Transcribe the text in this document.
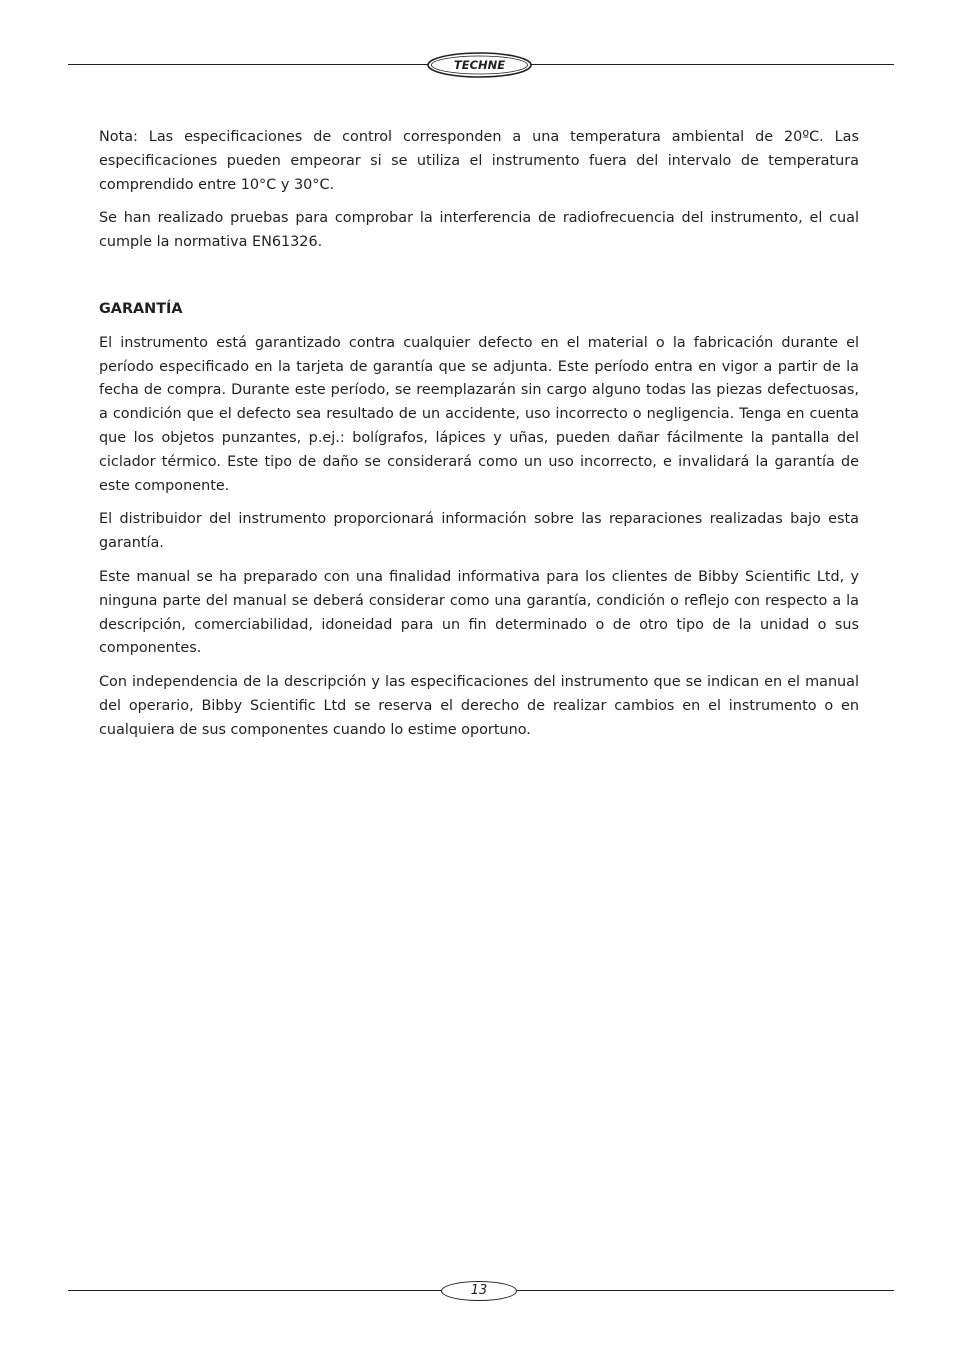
TECHNE

Nota: Las especificaciones de control corresponden a una temperatura ambiental de 20ºC. Las especificaciones pueden empeorar si se utiliza el instrumento fuera del intervalo de temperatura comprendido entre 10°C y 30°C.

Se han realizado pruebas para comprobar la interferencia de radiofrecuencia del instrumento, el cual cumple la normativa EN61326.

GARANTÍA

El instrumento está garantizado contra cualquier defecto en el material o la fabricación durante el período especificado en la tarjeta de garantía que se adjunta. Este período entra en vigor a partir de la fecha de compra. Durante este período, se reemplazarán sin cargo alguno todas las piezas defectuosas, a condición que el defecto sea resultado de un accidente, uso incorrecto o negligencia. Tenga en cuenta que los objetos punzantes, p.ej.: bolígrafos, lápices y uñas, pueden dañar fácilmente la pantalla del ciclador térmico. Este tipo de daño se considerará como un uso incorrecto, e invalidará la garantía de este componente.

El distribuidor del instrumento proporcionará información sobre las reparaciones realizadas bajo esta garantía.

Este manual se ha preparado con una finalidad informativa para los clientes de Bibby Scientific Ltd, y ninguna parte del manual se deberá considerar como una garantía, condición o reflejo con respecto a la descripción, comerciabilidad, idoneidad para un fin determinado o de otro tipo de la unidad o sus componentes.

Con independencia de la descripción y las especificaciones del instrumento que se indican en el manual del operario, Bibby Scientific Ltd se reserva el derecho de realizar cambios en el instrumento o en cualquiera de sus componentes cuando lo estime oportuno.

13
